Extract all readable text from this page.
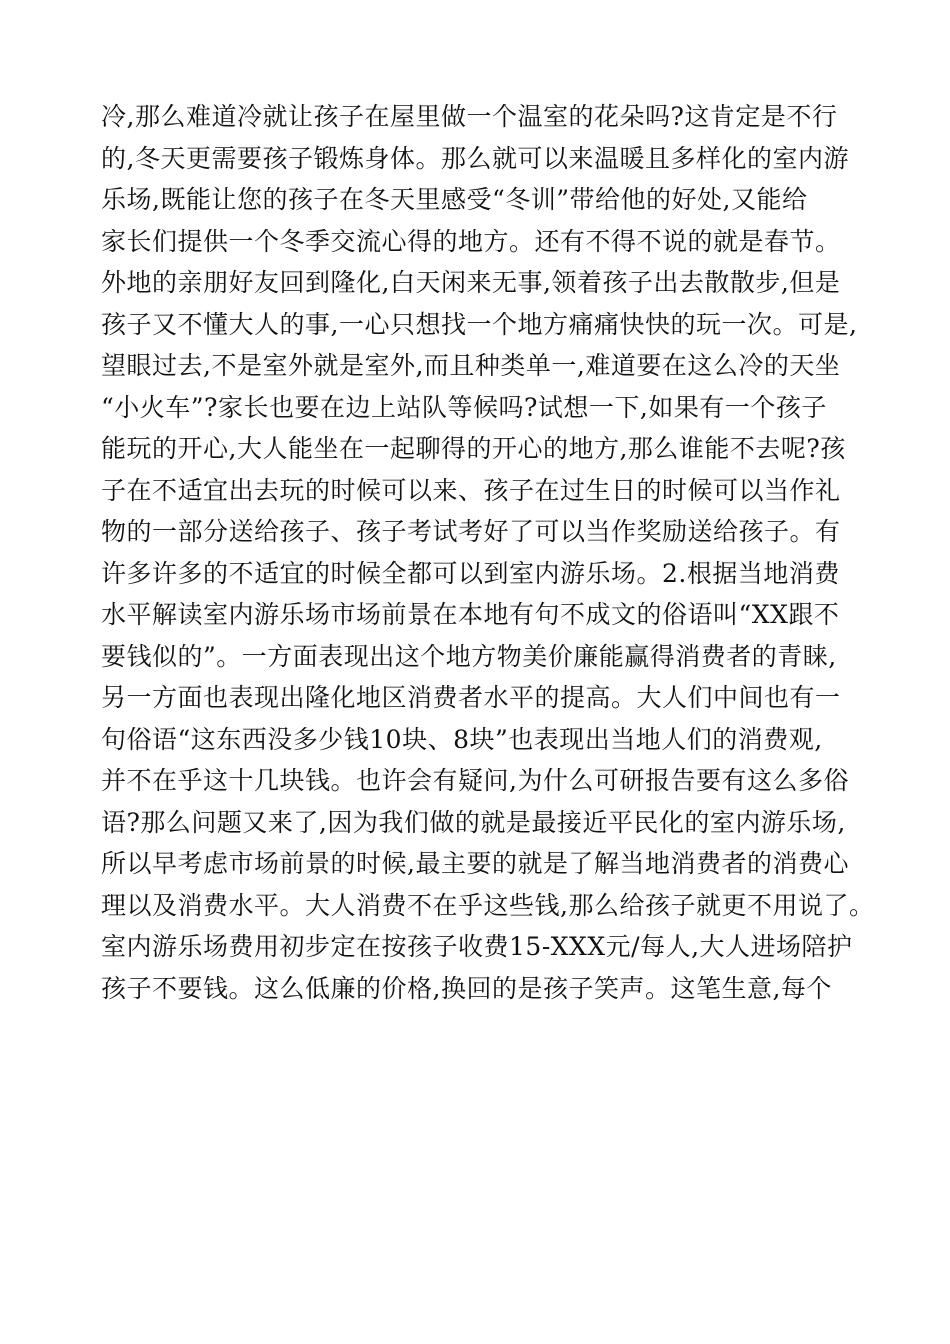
冷,那么难道冷就让孩子在屋里做一个温室的花朵吗?这肯定是不行
的,冬天更需要孩子锻炼身体。那么就可以来温暖且多样化的室内游
乐场,既能让您的孩子在冬天里感受“冬训”带给他的好处,又能给
家长们提供一个冬季交流心得的地方。还有不得不说的就是春节。
外地的亲朋好友回到隆化,白天闲来无事,领着孩子出去散散步,但是
孩子又不懂大人的事,一心只想找一个地方痛痛快快的玩一次。可是,
望眼过去,不是室外就是室外,而且种类单一,难道要在这么冷的天坐
“小火车”?家长也要在边上站队等候吗?试想一下,如果有一个孩子
能玩的开心,大人能坐在一起聊得的开心的地方,那么谁能不去呢?孩
子在不适宜出去玩的时候可以来、孩子在过生日的时候可以当作礼
物的一部分送给孩子、孩子考试考好了可以当作奖励送给孩子。有
许多许多的不适宜的时候全都可以到室内游乐场。2.根据当地消费
水平解读室内游乐场市场前景在本地有句不成文的俗语叫“XX跟不
要钱似的”。一方面表现出这个地方物美价廉能赢得消费者的青睐,
另一方面也表现出隆化地区消费者水平的提高。大人们中间也有一
句俗语“这东西没多少钱10块、8块”也表现出当地人们的消费观,
并不在乎这十几块钱。也许会有疑问,为什么可研报告要有这么多俗
语?那么问题又来了,因为我们做的就是最接近平民化的室内游乐场,
所以早考虑市场前景的时候,最主要的就是了解当地消费者的消费心
理以及消费水平。大人消费不在乎这些钱,那么给孩子就更不用说了。
室内游乐场费用初步定在按孩子收费15-XXX元/每人,大人进场陪护
孩子不要钱。这么低廉的价格,换回的是孩子笑声。这笔生意,每个
